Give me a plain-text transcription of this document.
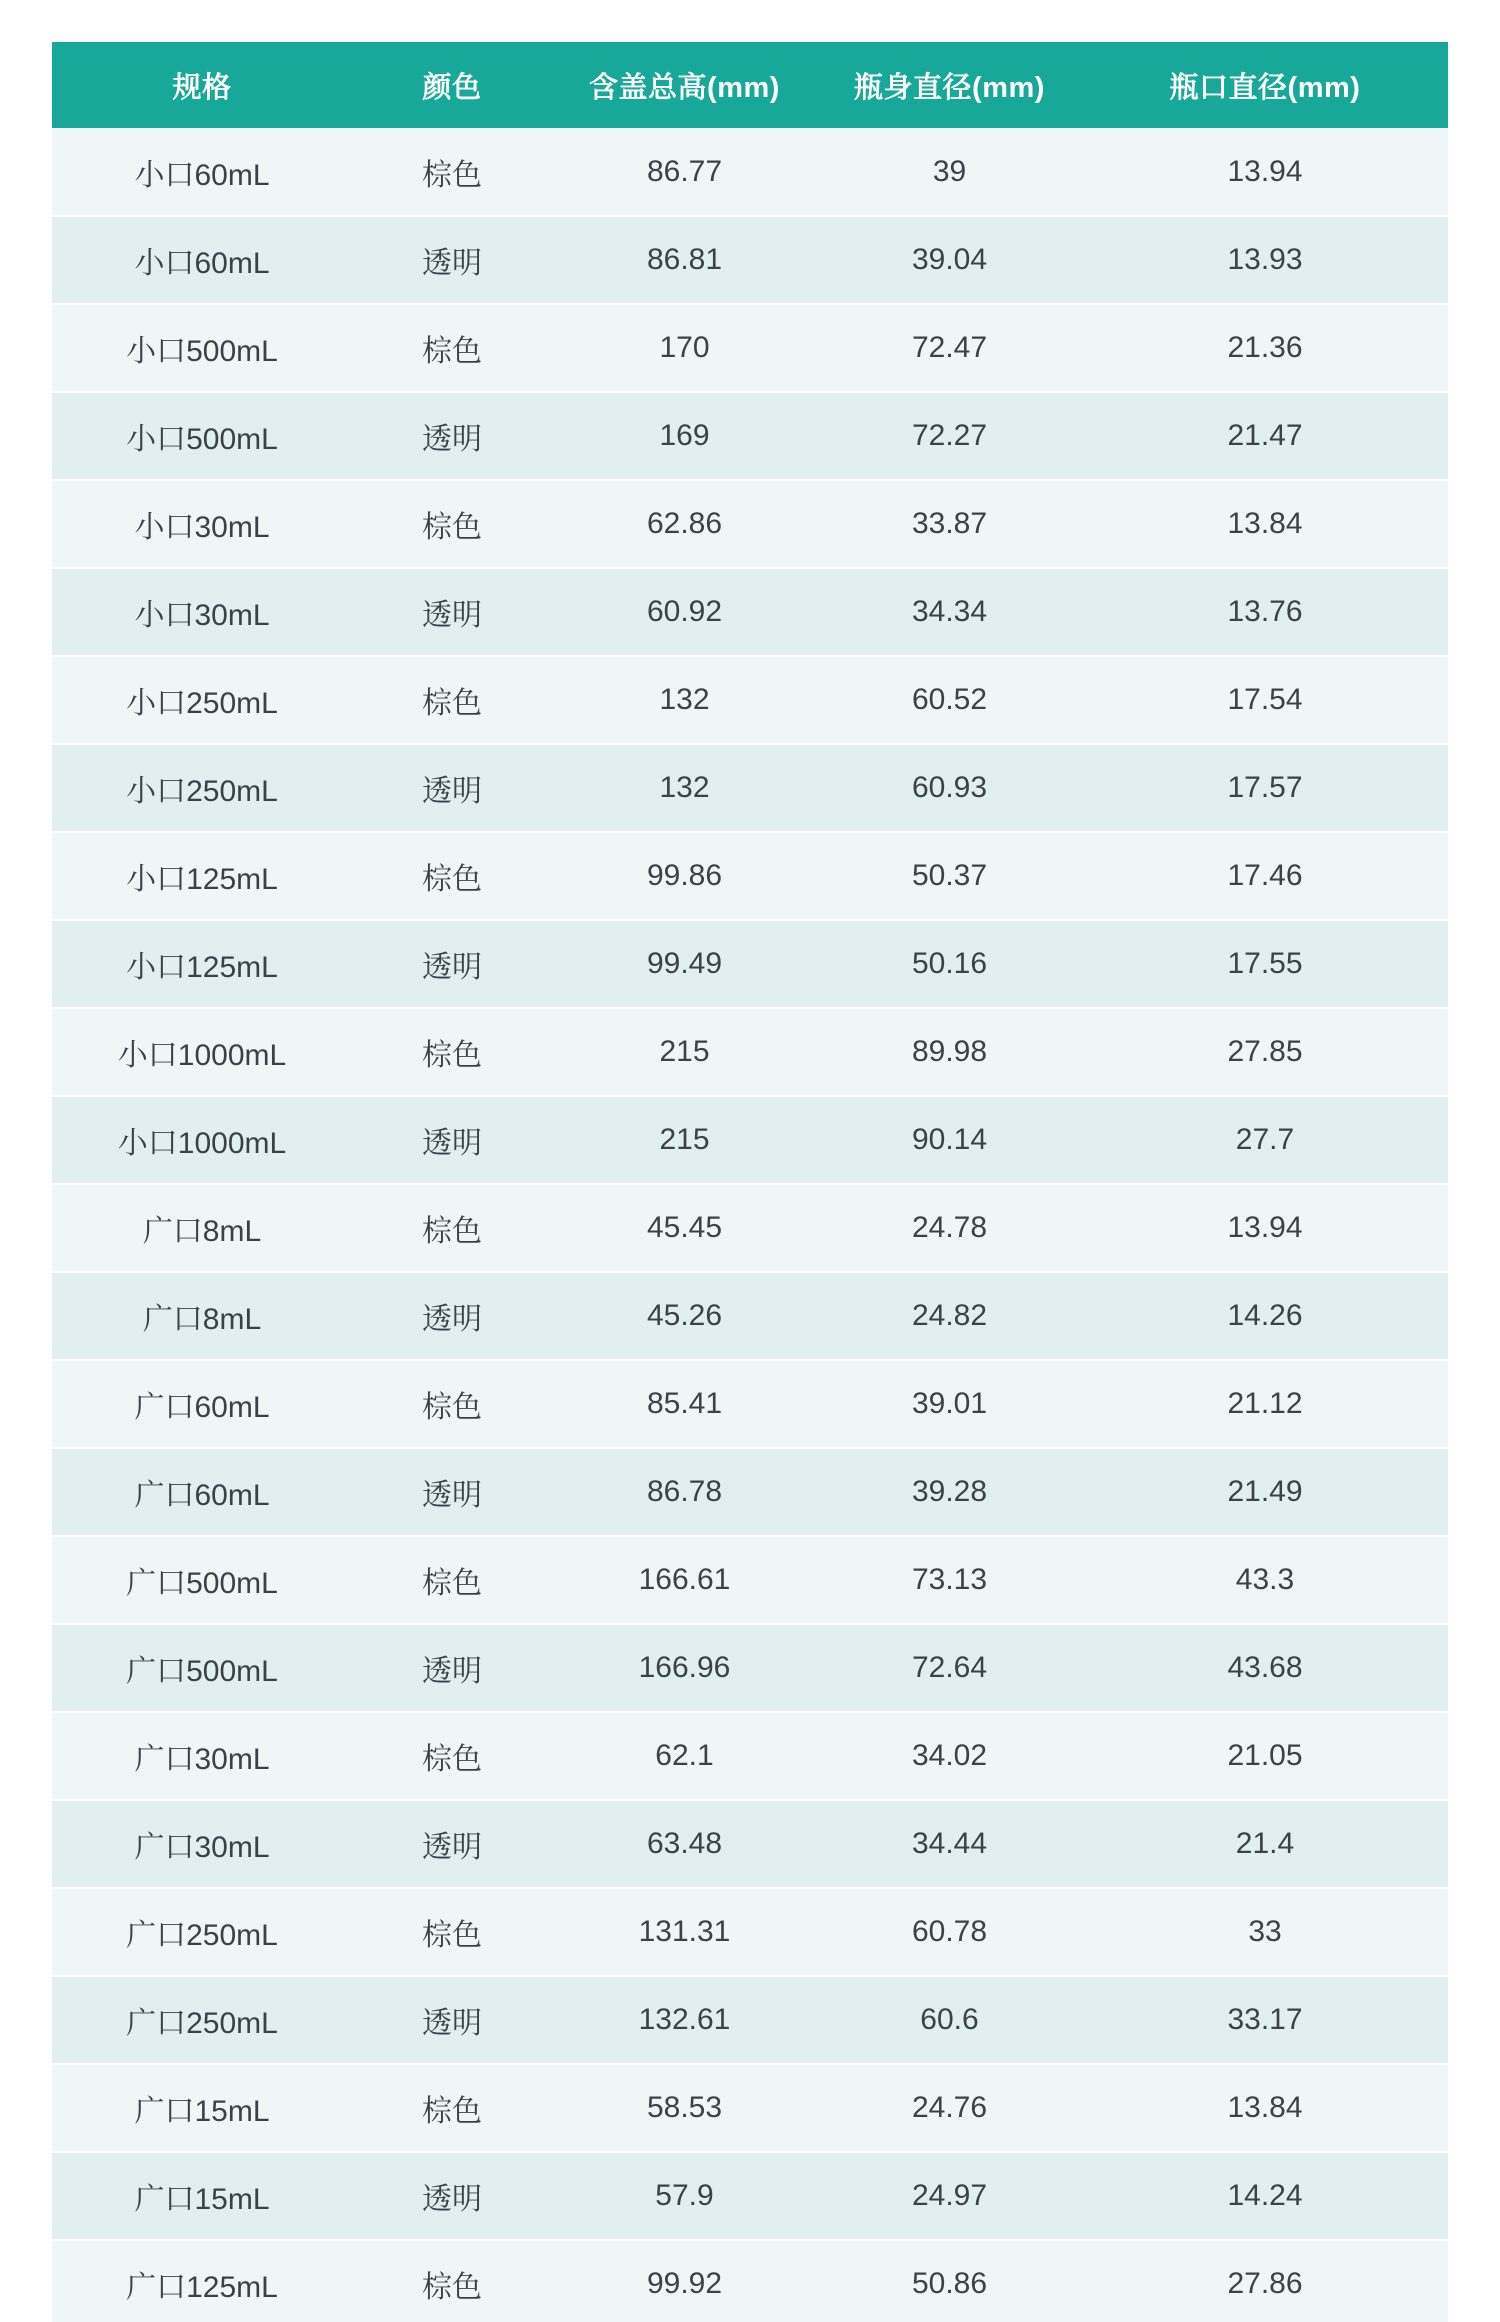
规格	颜色	含盖总高(mm)	瓶身直径(mm)	瓶口直径(mm)
小口60mL	棕色	86.77	39	13.94
小口60mL	透明	86.81	39.04	13.93
小口500mL	棕色	170	72.47	21.36
小口500mL	透明	169	72.27	21.47
小口30mL	棕色	62.86	33.87	13.84
小口30mL	透明	60.92	34.34	13.76
小口250mL	棕色	132	60.52	17.54
小口250mL	透明	132	60.93	17.57
小口125mL	棕色	99.86	50.37	17.46
小口125mL	透明	99.49	50.16	17.55
小口1000mL	棕色	215	89.98	27.85
小口1000mL	透明	215	90.14	27.7
广口8mL	棕色	45.45	24.78	13.94
广口8mL	透明	45.26	24.82	14.26
广口60mL	棕色	85.41	39.01	21.12
广口60mL	透明	86.78	39.28	21.49
广口500mL	棕色	166.61	73.13	43.3
广口500mL	透明	166.96	72.64	43.68
广口30mL	棕色	62.1	34.02	21.05
广口30mL	透明	63.48	34.44	21.4
广口250mL	棕色	131.31	60.78	33
广口250mL	透明	132.61	60.6	33.17
广口15mL	棕色	58.53	24.76	13.84
广口15mL	透明	57.9	24.97	14.24
广口125mL	棕色	99.92	50.86	27.86
